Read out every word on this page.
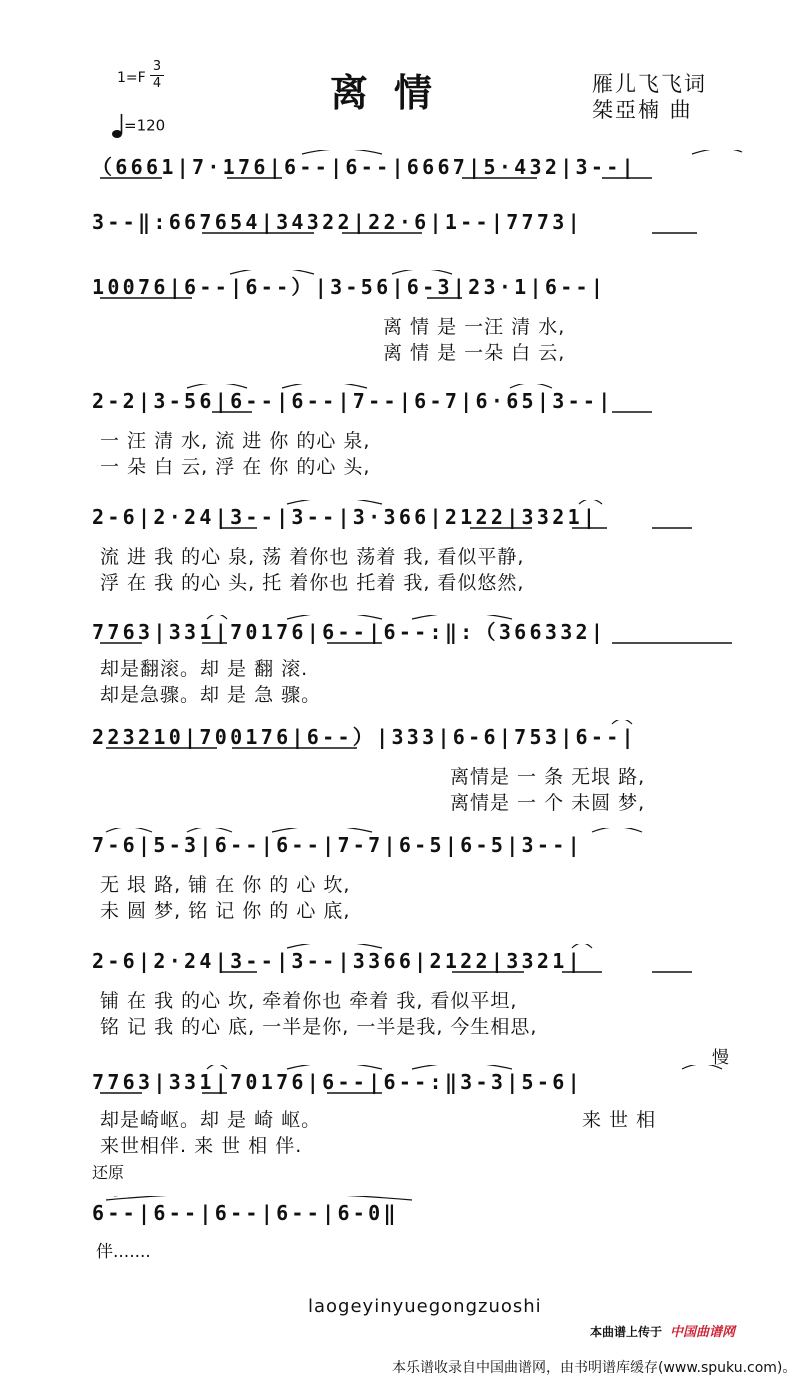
1=F
3
4
=120
离情	雁儿飞飞词
桀亞楠 曲
（6661|7·176|6--|6--|6667|5·432|3--|
3--‖:667654|34322|22·6|1--|7773|
10076|6--|6--）|3-56|6-3|23·1|6--|
离 情 是 一汪 清 水,
离 情 是 一朵 白 云,
2-2|3-56|6--|6--|7--|6-7|6·65|3--|
一 汪 清 水, 流 进 你 的心 泉,
一 朵 白 云, 浮 在 你 的心 头,
2-6|2·24|3--|3--|3·366|2122|3321|
流 进 我 的心 泉, 荡 着你也 荡着 我, 看似平静,
浮 在 我 的心 头, 托 着你也 托着 我, 看似悠然,
7763|331|70176|6--|6--:‖:（366332|
却是翻滚。却 是 翻 滚.
却是急骤。却 是 急 骤。
223210|700176|6--）|333|6-6|753|6--|
离情是 一 条 无垠 路,
离情是 一 个 未圆 梦,
7-6|5-3|6--|6--|7-7|6-5|6-5|3--|
无 垠 路, 铺 在 你 的 心 坎,
未 圆 梦, 铭 记 你 的 心 底,
2-6|2·24|3--|3--|3366|2122|3321|
铺 在 我 的心 坎, 牵着你也 牵着 我, 看似平坦,
铭 记 我 的心 底, 一半是你, 一半是我, 今生相思,
慢
7763|331|70176|6--|6--:‖3-3|5-6|
却是崎岖。却 是 崎 岖。	来 世 相
来世相伴. 来 世 相 伴.
还原
6--|6--|6--|6--|6-0‖
伴.......
laogeyinyuegongzuoshi
本曲谱上传于 中国曲谱网
本乐谱收录自中国曲谱网，由书明谱库缓存(www.spuku.com)。
